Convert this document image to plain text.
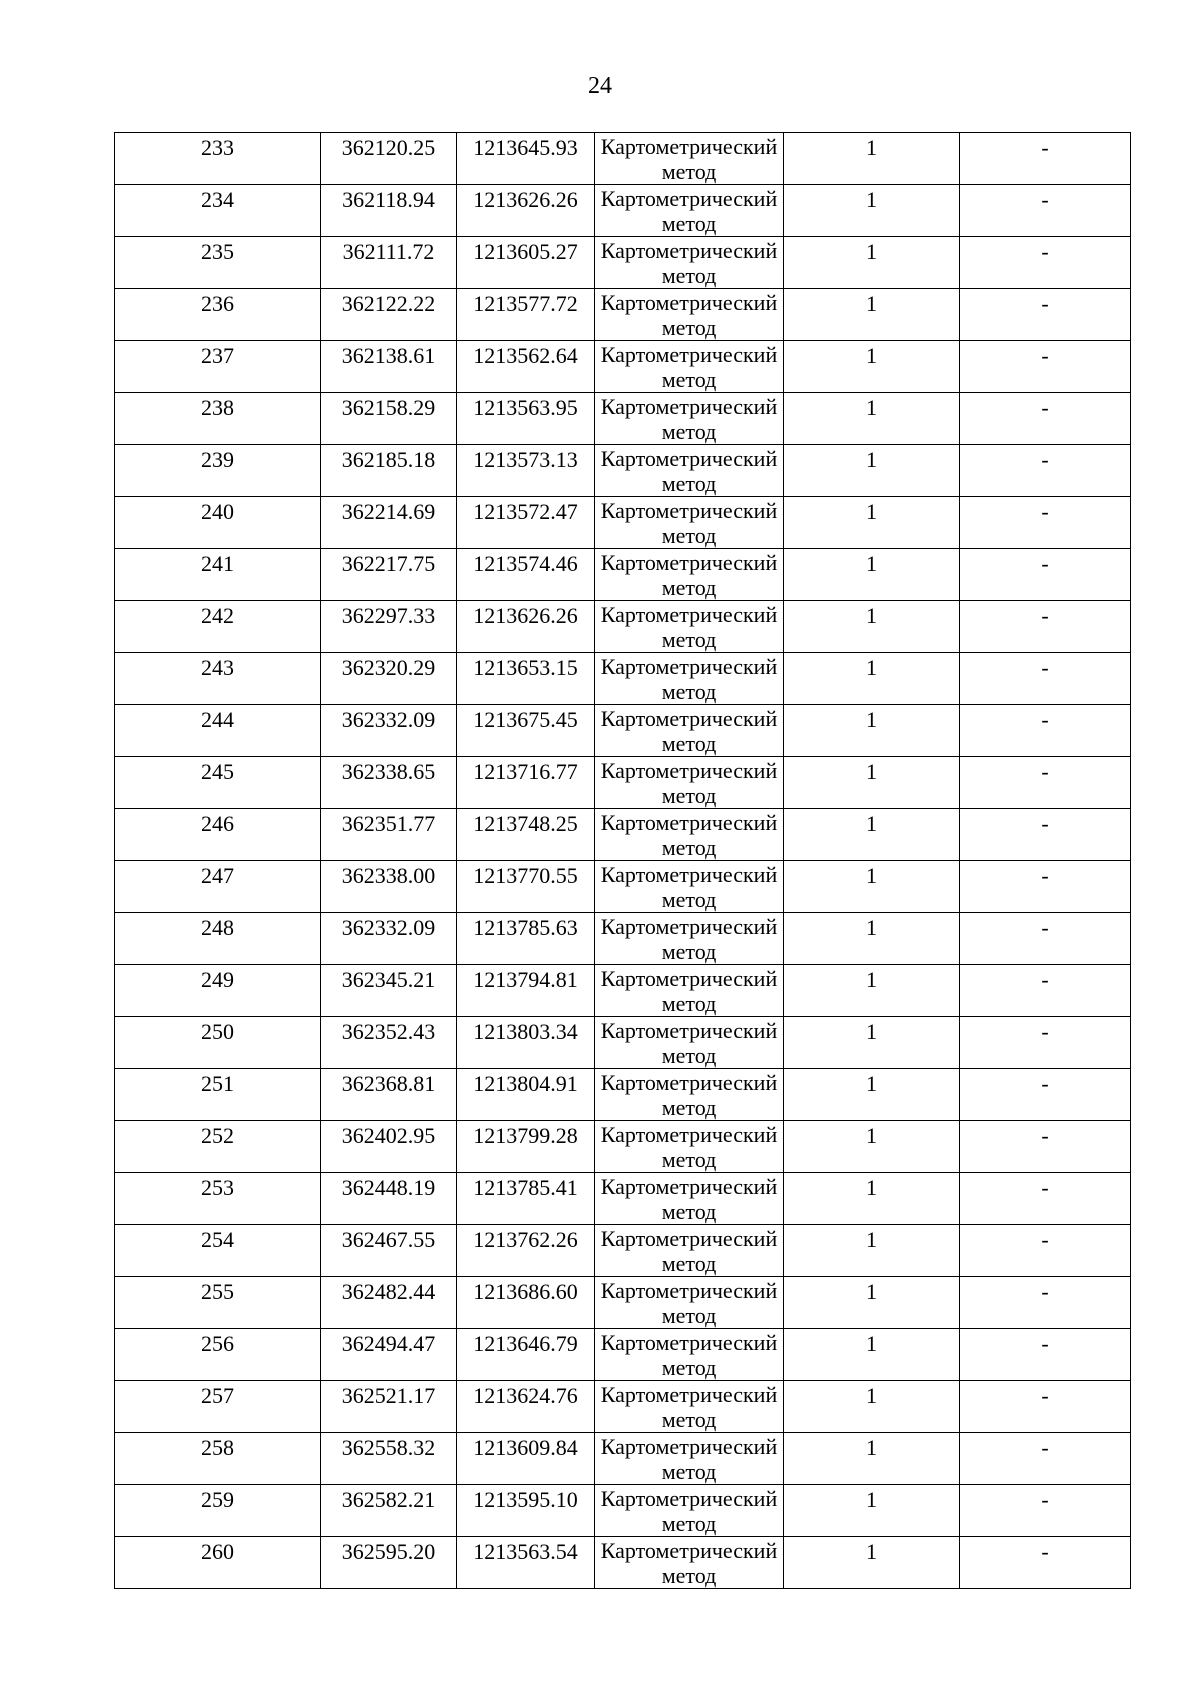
24
233	362120.25	1213645.93	Картометрический метод	1	-

234	362118.94	1213626.26	Картометрический метод	1	-

235	362111.72	1213605.27	Картометрический метод	1	-

236	362122.22	1213577.72	Картометрический метод	1	-

237	362138.61	1213562.64	Картометрический метод	1	-

238	362158.29	1213563.95	Картометрический метод	1	-

239	362185.18	1213573.13	Картометрический метод	1	-

240	362214.69	1213572.47	Картометрический метод	1	-

241	362217.75	1213574.46	Картометрический метод	1	-

242	362297.33	1213626.26	Картометрический метод	1	-

243	362320.29	1213653.15	Картометрический метод	1	-

244	362332.09	1213675.45	Картометрический метод	1	-

245	362338.65	1213716.77	Картометрический метод	1	-

246	362351.77	1213748.25	Картометрический метод	1	-

247	362338.00	1213770.55	Картометрический метод	1	-

248	362332.09	1213785.63	Картометрический метод	1	-

249	362345.21	1213794.81	Картометрический метод	1	-

250	362352.43	1213803.34	Картометрический метод	1	-

251	362368.81	1213804.91	Картометрический метод	1	-

252	362402.95	1213799.28	Картометрический метод	1	-

253	362448.19	1213785.41	Картометрический метод	1	-

254	362467.55	1213762.26	Картометрический метод	1	-

255	362482.44	1213686.60	Картометрический метод	1	-

256	362494.47	1213646.79	Картометрический метод	1	-

257	362521.17	1213624.76	Картометрический метод	1	-

258	362558.32	1213609.84	Картометрический метод	1	-

259	362582.21	1213595.10	Картометрический метод	1	-

260	362595.20	1213563.54	Картометрический метод	1	-
